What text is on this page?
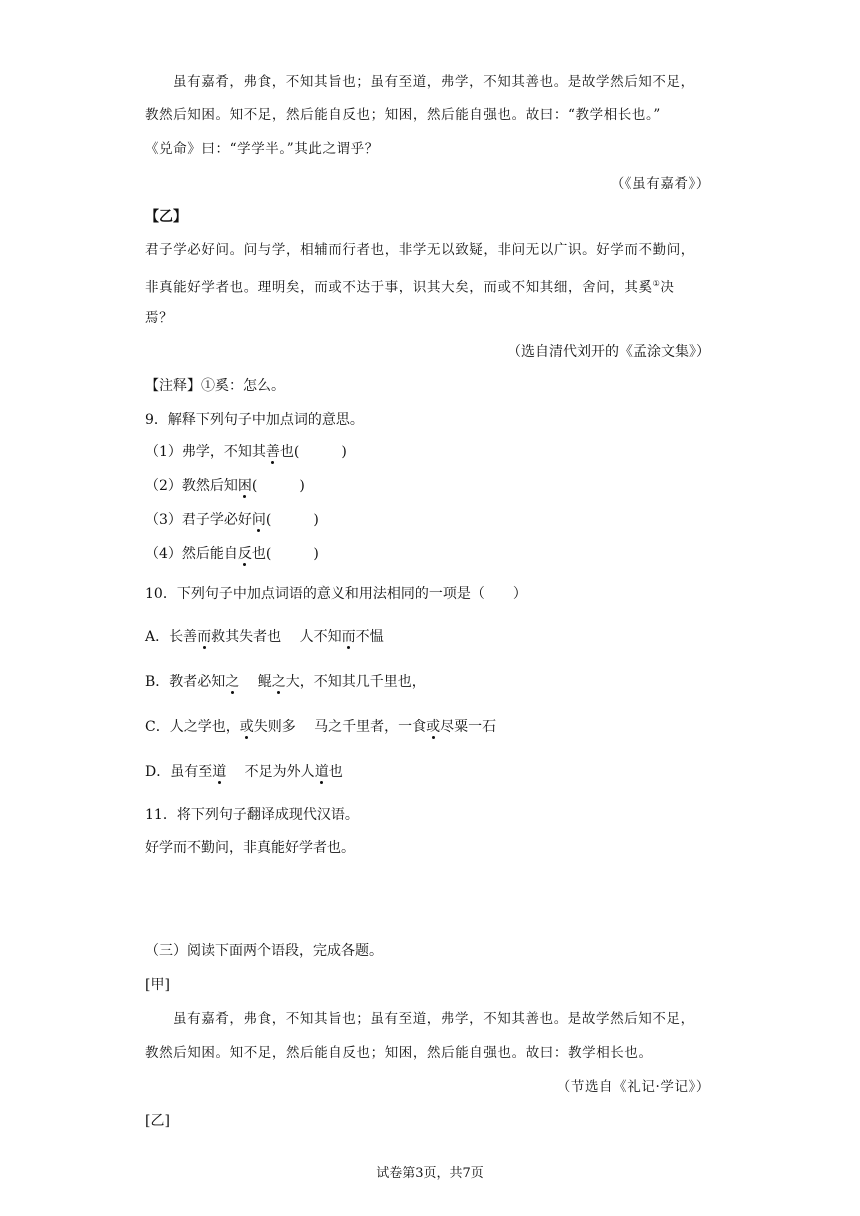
虽有嘉肴，弗食，不知其旨也；虽有至道，弗学，不知其善也。是故学然后知不足，
教然后知困。知不足，然后能自反也；知困，然后能自强也。故曰：“教学相长也。”
《兑命》曰：“学学半。”其此之谓乎？
（《虽有嘉肴》）
【乙】
君子学必好问。问与学，相辅而行者也，非学无以致疑，非问无以广识。好学而不勤问，
非真能好学者也。理明矣，而或不达于事，识其大矣，而或不知其细，舍问，其奚①决
焉？
（选自清代刘开的《孟涂文集》）
【注释】①奚：怎么。
9．解释下列句子中加点词的意思。
（1）弗学，不知其善也(　　　)
（2）教然后知困(　　　)
（3）君子学必好问(　　　)
（4）然后能自反也(　　　)
10．下列句子中加点词语的意义和用法相同的一项是（　　）
A．长善而救其失者也　 人不知而不愠
B．教者必知之　 鲲之大，不知其几千里也，
C．人之学也，或失则多　 马之千里者，一食或尽粟一石
D．虽有至道　 不足为外人道也
11．将下列句子翻译成现代汉语。
好学而不勤问，非真能好学者也。
（三）阅读下面两个语段，完成各题。
[甲]
虽有嘉肴，弗食，不知其旨也；虽有至道，弗学，不知其善也。是故学然后知不足，
教然后知困。知不足，然后能自反也；知困，然后能自强也。故曰：教学相长也。
（节选自《礼记·学记》）
[乙]
试卷第3页，共7页
